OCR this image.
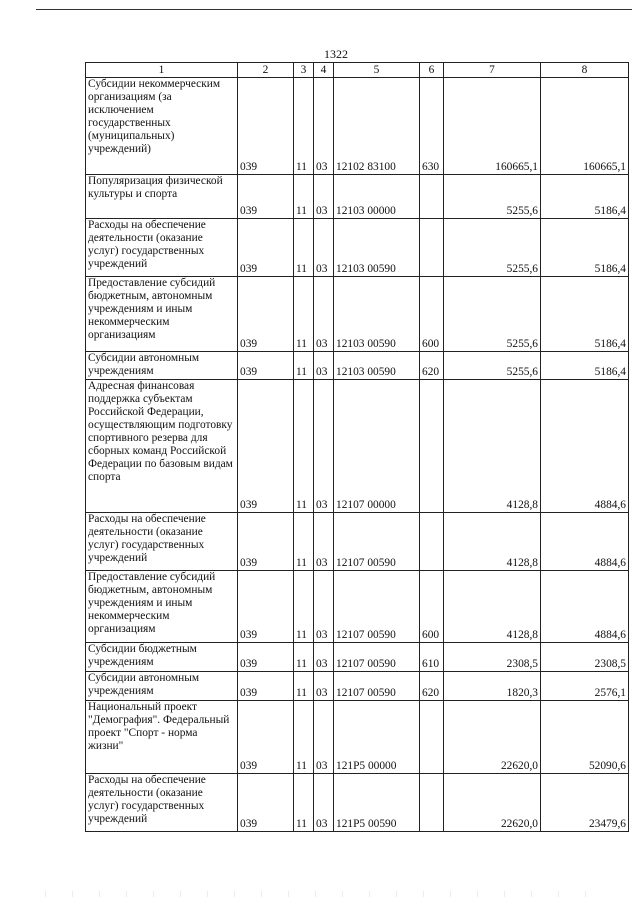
1322
1	2	3	4	5	6	7	8
Субсидии некоммерческим организациям (за исключением государственных (муниципальных) учреждений)	039	11	03	12102 83100	630	160665,1	160665,1
Популяризация физической культуры и спорта	039	11	03	12103 00000		5255,6	5186,4
Расходы на обеспечение деятельности (оказание услуг) государственных учреждений	039	11	03	12103 00590		5255,6	5186,4
Предоставление субсидий бюджетным, автономным учреждениям и иным некоммерческим организациям	039	11	03	12103 00590	600	5255,6	5186,4
Субсидии автономным учреждениям	039	11	03	12103 00590	620	5255,6	5186,4
Адресная финансовая поддержка субъектам Российской Федерации, осуществляющим подготовку спортивного резерва для сборных команд Российской Федерации по базовым видам спорта	039	11	03	12107 00000		4128,8	4884,6
Расходы на обеспечение деятельности (оказание услуг) государственных учреждений	039	11	03	12107 00590		4128,8	4884,6
Предоставление субсидий бюджетным, автономным учреждениям и иным некоммерческим организациям	039	11	03	12107 00590	600	4128,8	4884,6
Субсидии бюджетным учреждениям	039	11	03	12107 00590	610	2308,5	2308,5
Субсидии автономным учреждениям	039	11	03	12107 00590	620	1820,3	2576,1
Национальный проект "Демография". Федеральный проект "Спорт - норма жизни"	039	11	03	121P5 00000		22620,0	52090,6
Расходы на обеспечение деятельности (оказание услуг) государственных учреждений	039	11	03	121P5 00590		22620,0	23479,6
